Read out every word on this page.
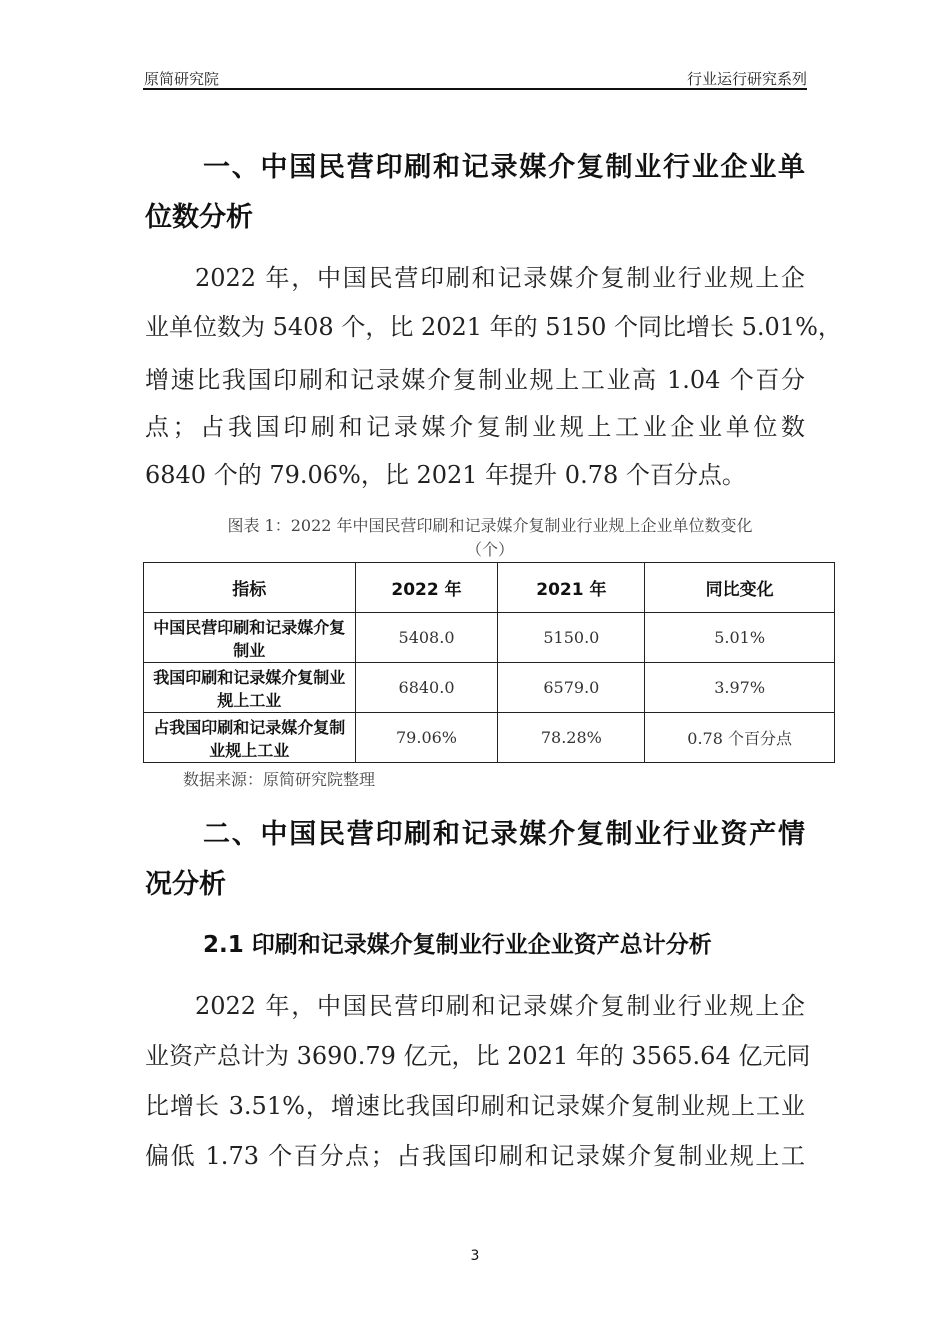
原简研究院	行业运行研究系列
一、中国民营印刷和记录媒介复制业行业企业单
位数分析
2022 年，中国民营印刷和记录媒介复制业行业规上企
业单位数为 5408 个，比 2021 年的 5150 个同比增长 5.01%，
增速比我国印刷和记录媒介复制业规上工业高 1.04 个百分
点；占我国印刷和记录媒介复制业规上工业企业单位数
6840 个的 79.06%，比 2021 年提升 0.78 个百分点。
图表 1：2022 年中国民营印刷和记录媒介复制业行业规上企业单位数变化
（个）
指标	2022 年	2021 年	同比变化
中国民营印刷和记录媒介复制业	5408.0	5150.0	5.01%
我国印刷和记录媒介复制业规上工业	6840.0	6579.0	3.97%
占我国印刷和记录媒介复制业规上工业	79.06%	78.28%	0.78 个百分点
数据来源：原简研究院整理
二、中国民营印刷和记录媒介复制业行业资产情
况分析
2.1 印刷和记录媒介复制业行业企业资产总计分析
2022 年，中国民营印刷和记录媒介复制业行业规上企
业资产总计为 3690.79 亿元，比 2021 年的 3565.64 亿元同
比增长 3.51%，增速比我国印刷和记录媒介复制业规上工业
偏低 1.73 个百分点；占我国印刷和记录媒介复制业规上工
3
